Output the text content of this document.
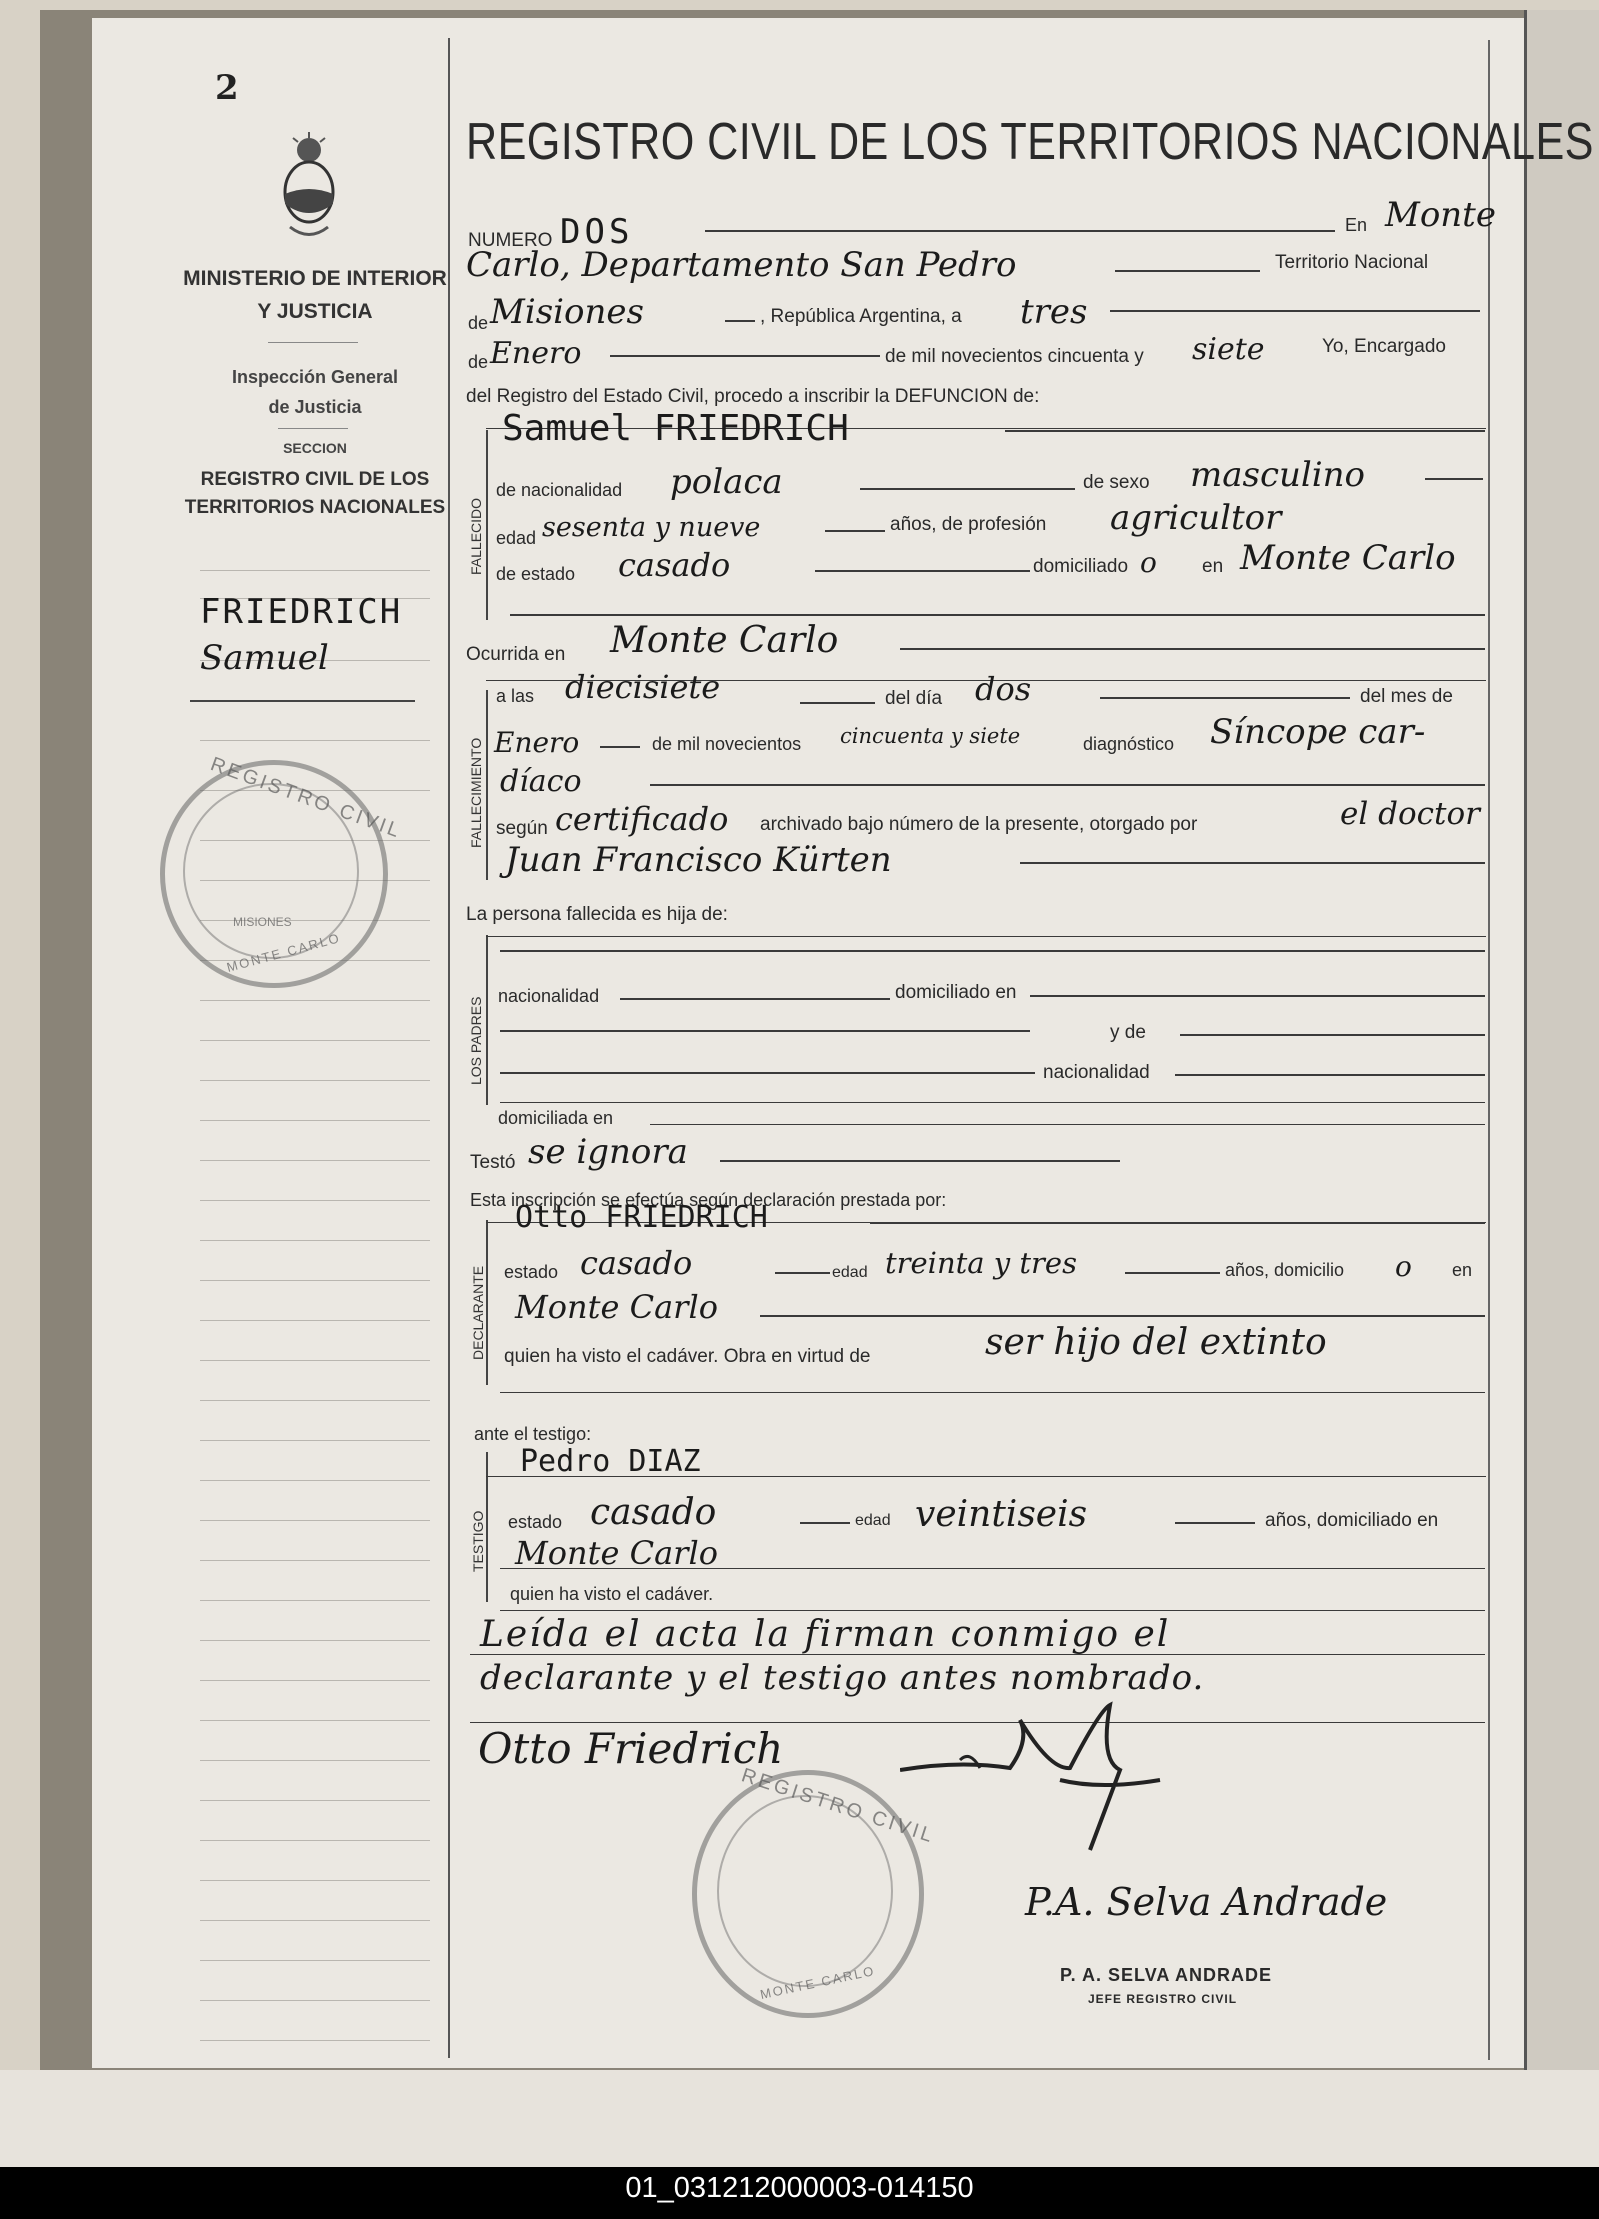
2
MINISTERIO DE INTERIOR
Y JUSTICIA
Inspección General
de Justicia
SECCION
REGISTRO CIVIL DE LOS
TERRITORIOS NACIONALES
FRIEDRICH
Samuel
REGISTRO CIVIL
MISIONES
MONTE CARLO
REGISTRO CIVIL DE LOS TERRITORIOS NACIONALES
NUMERO DOS	En Monte
Carlo, Departamento San Pedro	Territorio Nacional
de Misiones	, República Argentina, a tres
de Enero	de mil novecientos cincuenta y siete	Yo, Encargado
del Registro del Estado Civil, procedo a inscribir la DEFUNCION de:
FALLECIDO
Samuel FRIEDRICH
de nacionalidad polaca	de sexo masculino
edad sesenta y nueve	años, de profesión agricultor
de estado casado	domiciliado o en Monte Carlo
Ocurrida en Monte Carlo
FALLECIMIENTO
a las diecisiete	del día dos	del mes de
Enero	de mil novecientos cincuenta y siete	diagnóstico Síncope car-
díaco
según certificado archivado bajo número de la presente, otorgado por	el doctor
Juan Francisco Kürten
La persona fallecida es hija de:
LOS PADRES
nacionalidad	domiciliado en
y de
nacionalidad
domiciliada en
Testó se ignora
Esta inscripción se efectúa según declaración prestada por:
DECLARANTE
Otto FRIEDRICH
estado casado	edad treinta y tres	años, domicilio o en
Monte Carlo
quien ha visto el cadáver. Obra en virtud de	ser hijo del extinto
ante el testigo:
TESTIGO
Pedro DIAZ
estado casado	edad veintiseis	años, domiciliado en
Monte Carlo
quien ha visto el cadáver.
Leída el acta la firman conmigo el
declarante y el testigo antes nombrado.
Otto Friedrich
P.A. Selva Andrade
P. A. SELVA ANDRADE
JEFE REGISTRO CIVIL
REGISTRO CIVIL
MONTE CARLO
01_031212000003-014150
